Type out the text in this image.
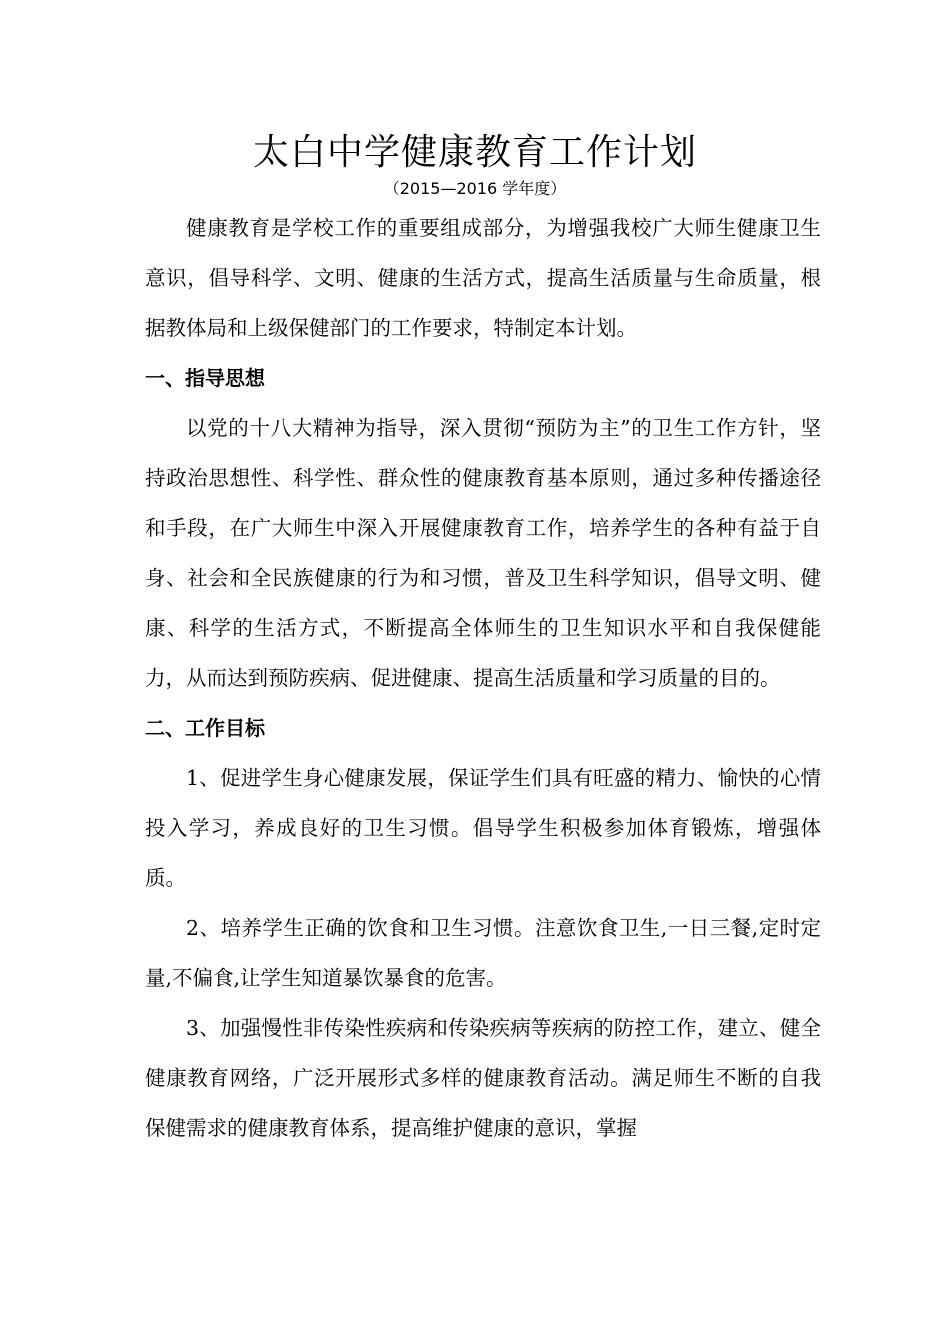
太白中学健康教育工作计划
（2015—2016 学年度）

健康教育是学校工作的重要组成部分，为增强我校广大师生健康卫生意识，倡导科学、文明、健康的生活方式，提高生活质量与生命质量，根据教体局和上级保健部门的工作要求，特制定本计划。

一、指导思想

以党的十八大精神为指导，深入贯彻“预防为主”的卫生工作方针，坚持政治思想性、科学性、群众性的健康教育基本原则，通过多种传播途径和手段，在广大师生中深入开展健康教育工作，培养学生的各种有益于自身、社会和全民族健康的行为和习惯，普及卫生科学知识，倡导文明、健康、科学的生活方式，不断提高全体师生的卫生知识水平和自我保健能力，从而达到预防疾病、促进健康、提高生活质量和学习质量的目的。

二、工作目标

1、促进学生身心健康发展，保证学生们具有旺盛的精力、愉快的心情投入学习，养成良好的卫生习惯。倡导学生积极参加体育锻炼，增强体质。

2、培养学生正确的饮食和卫生习惯。注意饮食卫生,一日三餐,定时定量,不偏食,让学生知道暴饮暴食的危害。

3、加强慢性非传染性疾病和传染疾病等疾病的防控工作，建立、健全健康教育网络，广泛开展形式多样的健康教育活动。满足师生不断的自我保健需求的健康教育体系，提高维护健康的意识，掌握
